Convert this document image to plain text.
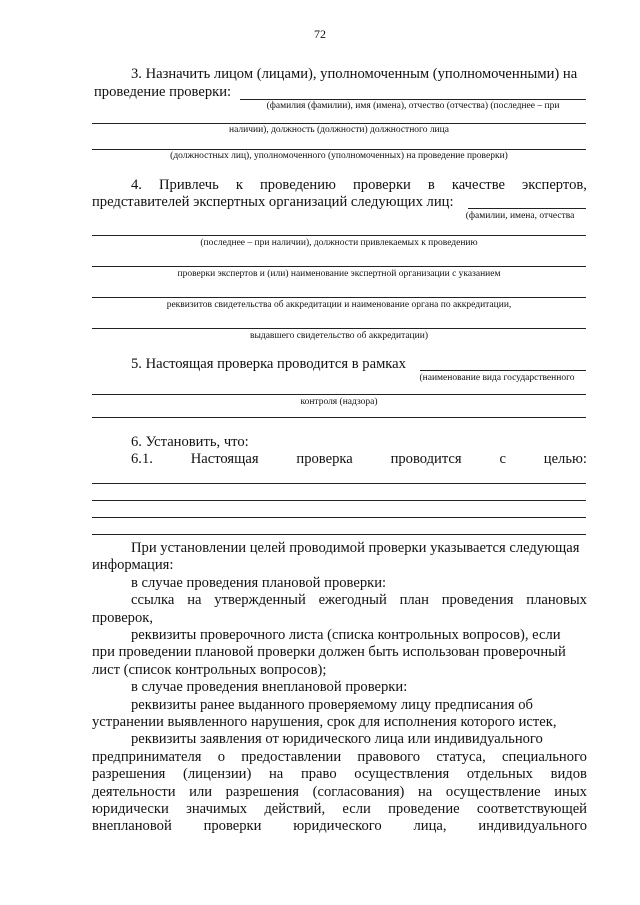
72
3. Назначить лицом (лицами), уполномоченным (уполномоченными) на
проведение проверки:
(фамилия (фамилии), имя (имена), отчество (отчества) (последнее – при
наличии), должность (должности) должностного лица
(должностных лиц), уполномоченного (уполномоченных) на проведение проверки)
4. Привлечь к проведению проверки в качестве экспертов,
представителей экспертных организаций следующих лиц:
(фамилии, имена, отчества
(последнее – при наличии), должности привлекаемых к проведению
проверки экспертов и (или) наименование экспертной организации с указанием
реквизитов свидетельства об аккредитации и наименование органа по аккредитации,
выдавшего свидетельство об аккредитации)
5. Настоящая проверка проводится в рамках
(наименование вида государственного
контроля (надзора)
6. Установить, что:
6.1.	Настоящая	проверка	проводится	с	целью:
При установлении целей проводимой проверки указывается следующая
информация:
в случае проведения плановой проверки:
ссылка на утвержденный ежегодный план проведения плановых
проверок,
реквизиты проверочного листа (списка контрольных вопросов), если
при проведении плановой проверки должен быть использован проверочный
лист (список контрольных вопросов);
в случае проведения внеплановой проверки:
реквизиты ранее выданного проверяемому лицу предписания об
устранении выявленного нарушения, срок для исполнения которого истек,
реквизиты заявления от юридического лица или индивидуального
предпринимателя о предоставлении правового статуса, специального
разрешения (лицензии) на право осуществления отдельных видов
деятельности или разрешения (согласования) на осуществление иных
юридически значимых действий, если проведение соответствующей
внеплановой проверки юридического лица, индивидуального
